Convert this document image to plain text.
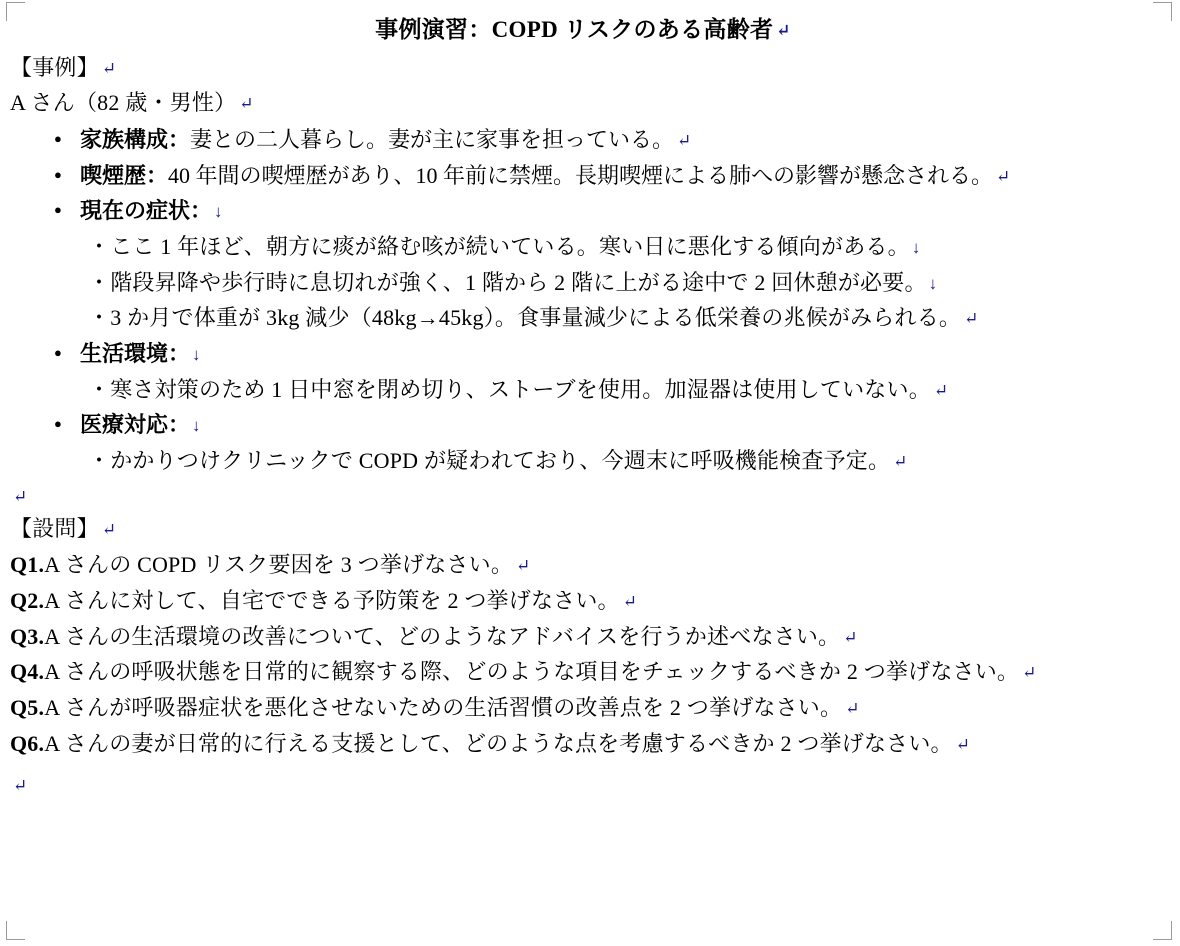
事例演習：COPD リスクのある高齢者 ↵
【事例】 ↵
A さん（82 歳・男性） ↵
● 家族構成：妻との二人暮らし。妻が主に家事を担っている。 ↵
● 喫煙歴：40 年間の喫煙歴があり、10 年前に禁煙。長期喫煙による肺への影響が懸念される。 ↵
● 現在の症状： ↓
・ここ 1 年ほど、朝方に痰が絡む咳が続いている。寒い日に悪化する傾向がある。 ↓
・階段昇降や歩行時に息切れが強く、1 階から 2 階に上がる途中で 2 回休憩が必要。 ↓
・3 か月で体重が 3kg 減少（48kg→45kg）。食事量減少による低栄養の兆候がみられる。 ↵
● 生活環境： ↓
・寒さ対策のため 1 日中窓を閉め切り、ストーブを使用。加湿器は使用していない。 ↵
● 医療対応： ↓
・かかりつけクリニックで COPD が疑われており、今週末に呼吸機能検査予定。 ↵
↵
【設問】 ↵
Q1.A さんの COPD リスク要因を 3 つ挙げなさい。 ↵
Q2.A さんに対して、自宅でできる予防策を 2 つ挙げなさい。 ↵
Q3.A さんの生活環境の改善について、どのようなアドバイスを行うか述べなさい。 ↵
Q4.A さんの呼吸状態を日常的に観察する際、どのような項目をチェックするべきか 2 つ挙げなさい。 ↵
Q5.A さんが呼吸器症状を悪化させないための生活習慣の改善点を 2 つ挙げなさい。 ↵
Q6.A さんの妻が日常的に行える支援として、どのような点を考慮するべきか 2 つ挙げなさい。 ↵
↵
